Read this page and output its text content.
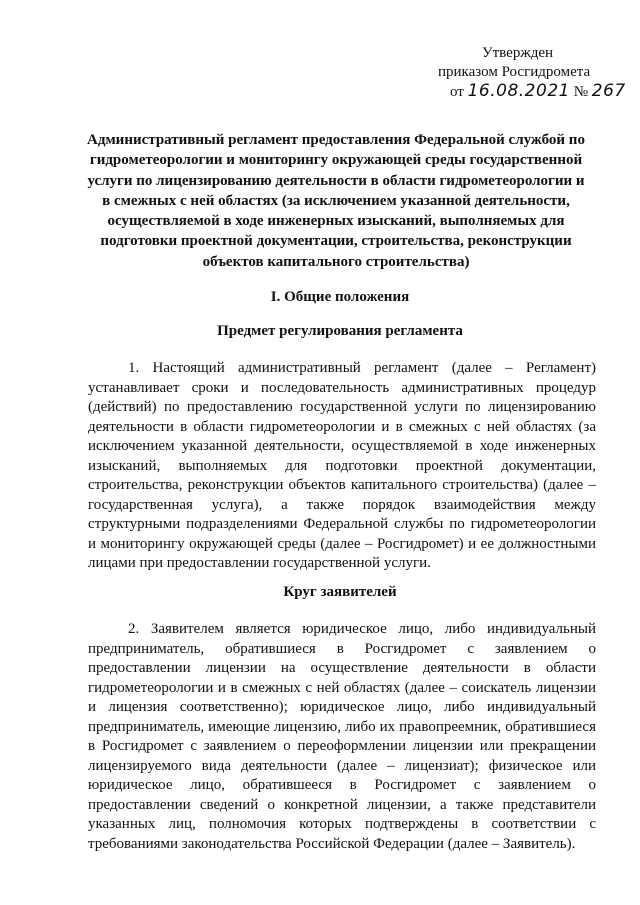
Утвержден
приказом Росгидромета
от 16.08.2021 № 267
Административный регламент предоставления Федеральной службой по гидрометеорологии и мониторингу окружающей среды государственной услуги по лицензированию деятельности в области гидрометеорологии и в смежных с ней областях (за исключением указанной деятельности, осуществляемой в ходе инженерных изысканий, выполняемых для подготовки проектной документации, строительства, реконструкции объектов капитального строительства)
I. Общие положения
Предмет регулирования регламента
1. Настоящий административный регламент (далее – Регламент) устанавливает сроки и последовательность административных процедур (действий) по предоставлению государственной услуги по лицензированию деятельности в области гидрометеорологии и в смежных с ней областях (за исключением указанной деятельности, осуществляемой в ходе инженерных изысканий, выполняемых для подготовки проектной документации, строительства, реконструкции объектов капитального строительства) (далее – государственная услуга), а также порядок взаимодействия между структурными подразделениями Федеральной службы по гидрометеорологии и мониторингу окружающей среды (далее – Росгидромет) и ее должностными лицами при предоставлении государственной услуги.
Круг заявителей
2. Заявителем является юридическое лицо, либо индивидуальный предприниматель, обратившиеся в Росгидромет с заявлением о предоставлении лицензии на осуществление деятельности в области гидрометеорологии и в смежных с ней областях (далее – соискатель лицензии и лицензия соответственно); юридическое лицо, либо индивидуальный предприниматель, имеющие лицензию, либо их правопреемник, обратившиеся в Росгидромет с заявлением о переоформлении лицензии или прекращении лицензируемого вида деятельности (далее – лицензиат); физическое или юридическое лицо, обратившееся в Росгидромет с заявлением о предоставлении сведений о конкретной лицензии, а также представители указанных лиц, полномочия которых подтверждены в соответствии с требованиями законодательства Российской Федерации (далее – Заявитель).
